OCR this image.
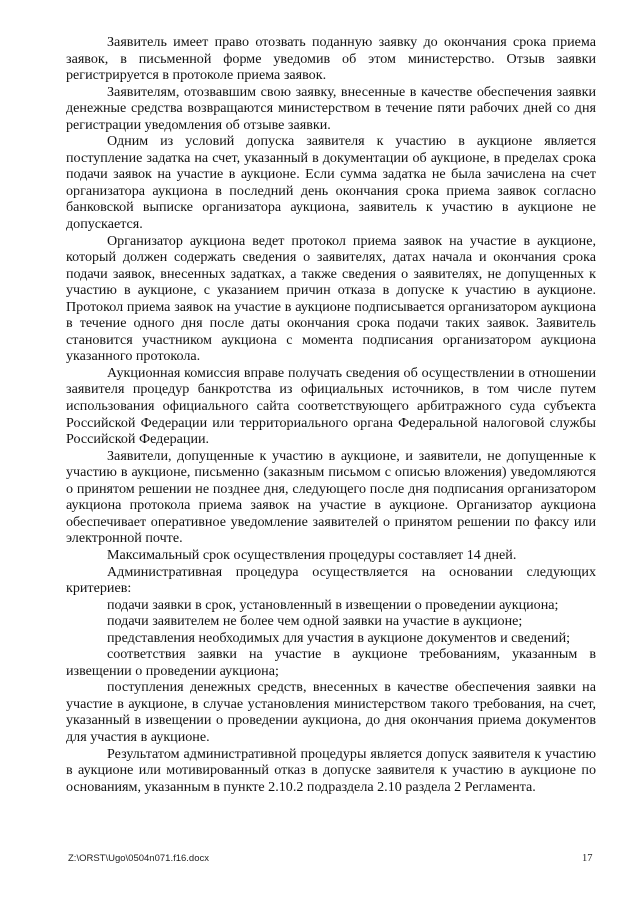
Заявитель имеет право отозвать поданную заявку до окончания срока приема заявок, в письменной форме уведомив об этом министерство. Отзыв заявки регистрируется в протоколе приема заявок.

Заявителям, отозвавшим свою заявку, внесенные в качестве обеспечения заявки денежные средства возвращаются министерством в течение пяти рабочих дней со дня регистрации уведомления об отзыве заявки.

Одним из условий допуска заявителя к участию в аукционе является поступление задатка на счет, указанный в документации об аукционе, в пределах срока подачи заявок на участие в аукционе. Если сумма задатка не была зачислена на счет организатора аукциона в последний день окончания срока приема заявок согласно банковской выписке организатора аукциона, заявитель к участию в аукционе не допускается.

Организатор аукциона ведет протокол приема заявок на участие в аукционе, который должен содержать сведения о заявителях, датах начала и окончания срока подачи заявок, внесенных задатках, а также сведения о заявителях, не допущенных к участию в аукционе, с указанием причин отказа в допуске к участию в аукционе. Протокол приема заявок на участие в аукционе подписывается организатором аукциона в течение одного дня после даты окончания срока подачи таких заявок. Заявитель становится участником аукциона с момента подписания организатором аукциона указанного протокола.

Аукционная комиссия вправе получать сведения об осуществлении в отношении заявителя процедур банкротства из официальных источников, в том числе путем использования официального сайта соответствующего арбитражного суда субъекта Российской Федерации или территориального органа Федеральной налоговой службы Российской Федерации.

Заявители, допущенные к участию в аукционе, и заявители, не допущенные к участию в аукционе, письменно (заказным письмом с описью вложения) уведомляются о принятом решении не позднее дня, следующего после дня подписания организатором аукциона протокола приема заявок на участие в аукционе. Организатор аукциона обеспечивает оперативное уведомление заявителей о принятом решении по факсу или электронной почте.

Максимальный срок осуществления процедуры составляет 14 дней.

Административная процедура осуществляется на основании следующих критериев:

подачи заявки в срок, установленный в извещении о проведении аукциона;

подачи заявителем не более чем одной заявки на участие в аукционе;

представления необходимых для участия в аукционе документов и сведений;

соответствия заявки на участие в аукционе требованиям, указанным в извещении о проведении аукциона;

поступления денежных средств, внесенных в качестве обеспечения заявки на участие в аукционе, в случае установления министерством такого требования, на счет, указанный в извещении о проведении аукциона, до дня окончания приема документов для участия в аукционе.

Результатом административной процедуры является допуск заявителя к участию в аукционе или мотивированный отказ в допуске заявителя к участию в аукционе по основаниям, указанным в пункте 2.10.2 подраздела 2.10 раздела 2 Регламента.

Z:\ORST\Ugo\0504n071.f16.docx	17
